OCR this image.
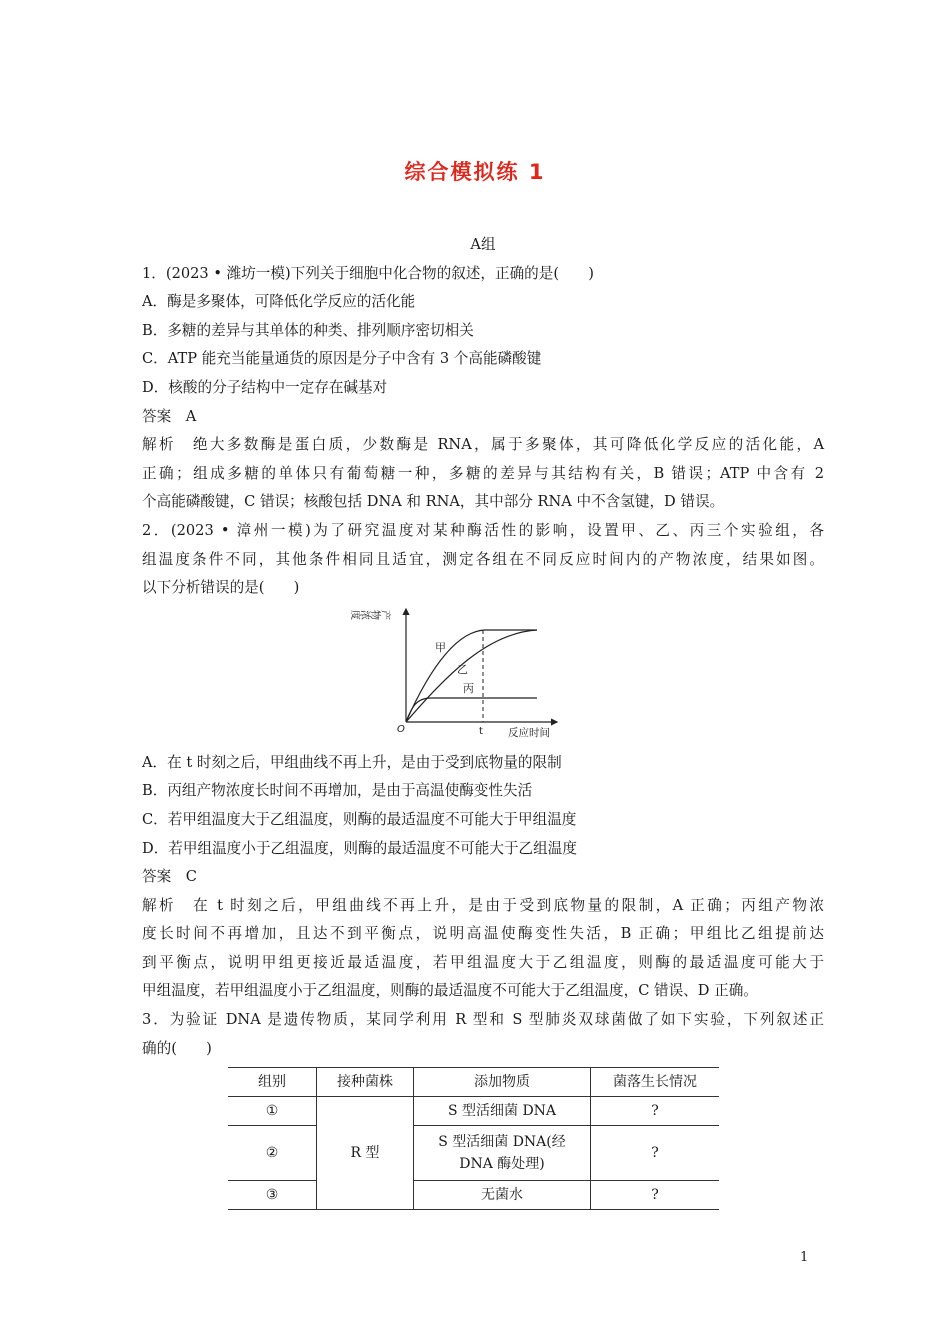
综合模拟练 1
A组
1．(2023 • 潍坊一模)下列关于细胞中化合物的叙述，正确的是(　　)
A．酶是多聚体，可降低化学反应的活化能
B．多糖的差异与其单体的种类、排列顺序密切相关
C．ATP 能充当能量通货的原因是分子中含有 3 个高能磷酸键
D．核酸的分子结构中一定存在碱基对
答案　A
解析　绝大多数酶是蛋白质，少数酶是 RNA，属于多聚体，其可降低化学反应的活化能，A
正确；组成多糖的单体只有葡萄糖一种，多糖的差异与其结构有关，B 错误；ATP 中含有 2
个高能磷酸键，C 错误；核酸包括 DNA 和 RNA，其中部分 RNA 中不含氢键，D 错误。
2．(2023 • 漳州一模)为了研究温度对某种酶活性的影响，设置甲、乙、丙三个实验组，各
组温度条件不同，其他条件相同且适宜，测定各组在不同反应时间内的产物浓度，结果如图。
以下分析错误的是(　　)
产物浓度
反应时间
O	t
甲
乙
丙
A．在 t 时刻之后，甲组曲线不再上升，是由于受到底物量的限制
B．丙组产物浓度长时间不再增加，是由于高温使酶变性失活
C．若甲组温度大于乙组温度，则酶的最适温度不可能大于甲组温度
D．若甲组温度小于乙组温度，则酶的最适温度不可能大于乙组温度
答案　C
解析　在 t 时刻之后，甲组曲线不再上升，是由于受到底物量的限制，A 正确；丙组产物浓
度长时间不再增加，且达不到平衡点，说明高温使酶变性失活，B 正确；甲组比乙组提前达
到平衡点，说明甲组更接近最适温度，若甲组温度大于乙组温度，则酶的最适温度可能大于
甲组温度，若甲组温度小于乙组温度，则酶的最适温度不可能大于乙组温度，C 错误、D 正确。
3．为验证 DNA 是遗传物质，某同学利用 R 型和 S 型肺炎双球菌做了如下实验，下列叙述正
确的(　　)
组别	接种菌株	添加物质	菌落生长情况
①	R 型	S 型活细菌 DNA	?
②		S 型活细菌 DNA(经 DNA 酶处理)	?
③		无菌水	?
1
